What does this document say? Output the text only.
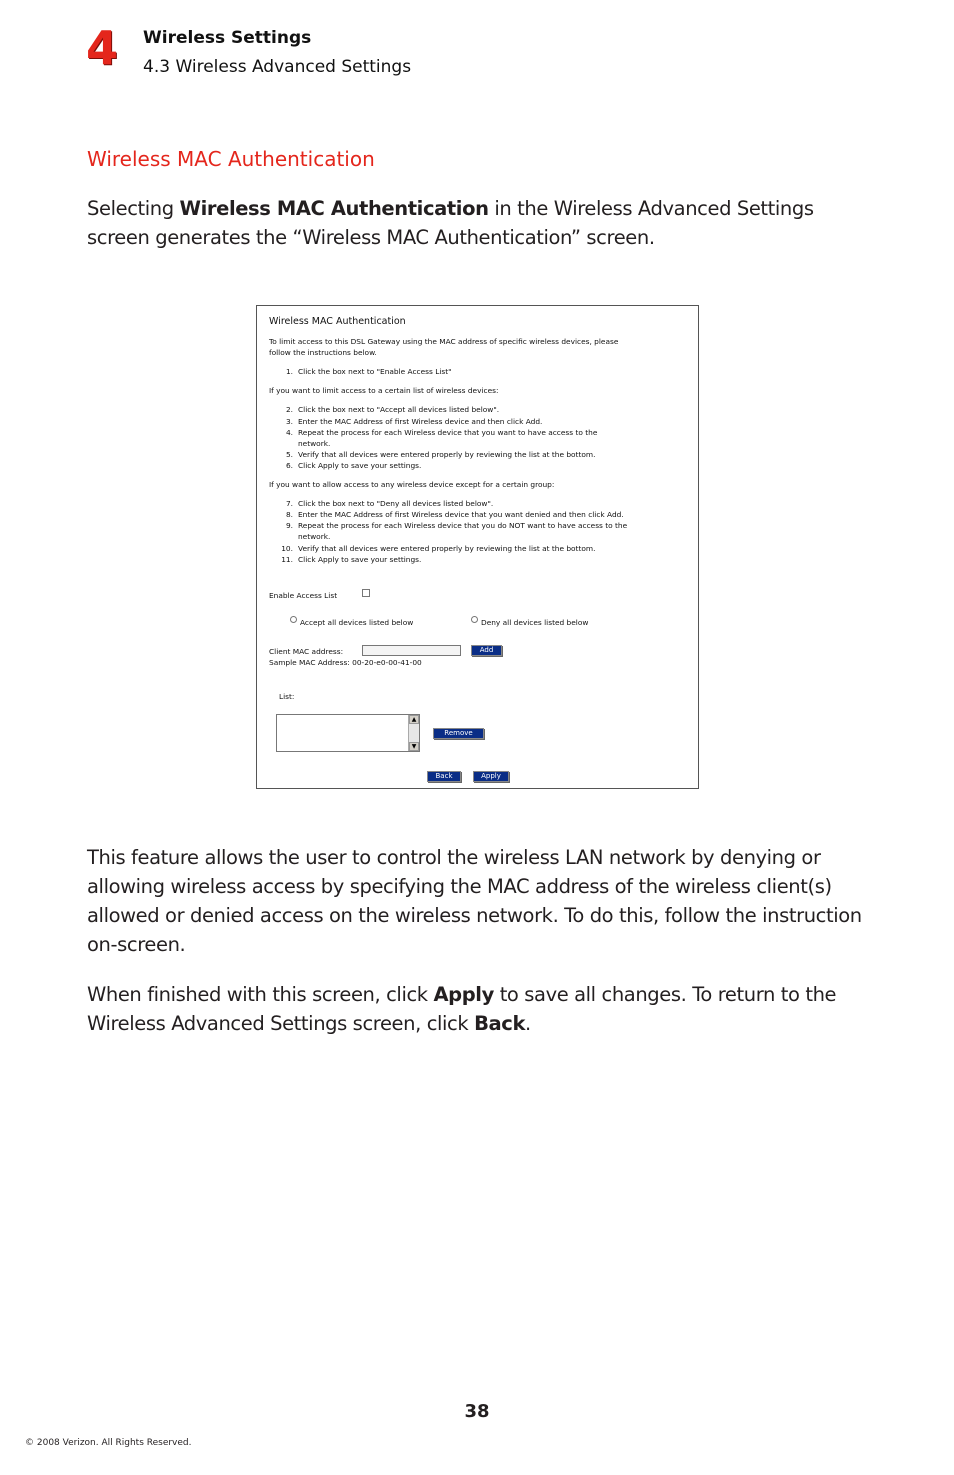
4 Wireless Settings
4.3 Wireless Advanced Settings
Wireless MAC Authentication

Selecting Wireless MAC Authentication in the Wireless Advanced Settings screen generates the “Wireless MAC Authentication” screen.

Wireless MAC Authentication
To limit access to this DSL Gateway using the MAC address of specific wireless devices, please
follow the instructions below.
1. Click the box next to "Enable Access List"
If you want to limit access to a certain list of wireless devices:
2. Click the box next to "Accept all devices listed below".
3. Enter the MAC Address of first Wireless device and then click Add.
4. Repeat the process for each Wireless device that you want to have access to the
network.
5. Verify that all devices were entered properly by reviewing the list at the bottom.
6. Click Apply to save your settings.
If you want to allow access to any wireless device except for a certain group:
7. Click the box next to "Deny all devices listed below".
8. Enter the MAC Address of first Wireless device that you want denied and then click Add.
9. Repeat the process for each Wireless device that you do NOT want to have access to the
network.
10. Verify that all devices were entered properly by reviewing the list at the bottom.
11. Click Apply to save your settings.
Enable Access List
Accept all devices listed below	Deny all devices listed below
Client MAC address:	Add
Sample MAC Address: 00-20-e0-00-41-00
List:
▲
▼
Remove
Back	Apply

This feature allows the user to control the wireless LAN network by denying or allowing wireless access by specifying the MAC address of the wireless client(s) allowed or denied access on the wireless network. To do this, follow the instruction on-screen.

When finished with this screen, click Apply to save all changes. To return to the Wireless Advanced Settings screen, click Back.

38
© 2008 Verizon. All Rights Reserved.
